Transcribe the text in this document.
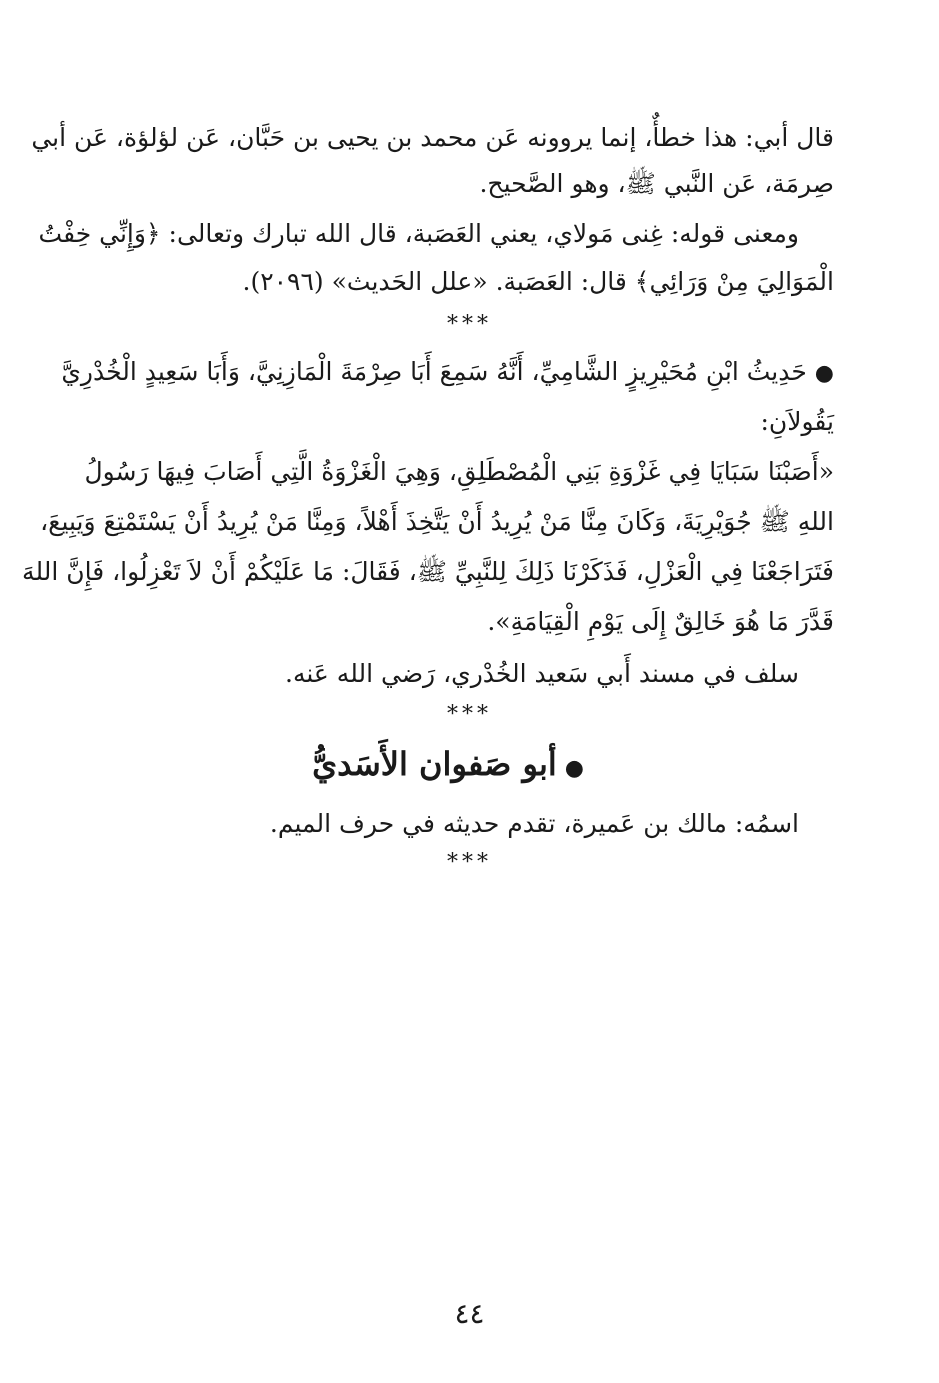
قال أبي: هذا خطأٌ، إنما يروونه عَن محمد بن يحيى بن حَبَّان، عَن لؤلؤة، عَن أبي
صِرمَة، عَن النَّبي ﷺ، وهو الصَّحيح.
ومعنى قوله: غِنى مَولاي، يعني العَصَبة، قال الله تبارك وتعالى: ﴿وَإِنِّي خِفْتُ
الْمَوَالِيَ مِنْ وَرَائِي﴾ قال: العَصَبة. «علل الحَديث» (٢٠٩٦).
***
●حَدِيثُ ابْنِ مُحَيْرِيزٍ الشَّامِيِّ، أَنَّهُ سَمِعَ أَبَا صِرْمَةَ الْمَازِنِيَّ، وَأَبَا سَعِيدٍ الْخُدْرِيَّ
يَقُولاَنِ:
«أَصَبْنَا سَبَايَا فِي غَزْوَةِ بَنِي الْمُصْطَلِقِ، وَهِيَ الْغَزْوَةُ الَّتِي أَصَابَ فِيهَا رَسُولُ
اللهِ ﷺ جُوَيْرِيَةَ، وَكَانَ مِنَّا مَنْ يُرِيدُ أَنْ يَتَّخِذَ أَهْلاً، وَمِنَّا مَنْ يُرِيدُ أَنْ يَسْتَمْتِعَ وَيَبِيعَ،
فَتَرَاجَعْنَا فِي الْعَزْلِ، فَذَكَرْنَا ذَلِكَ لِلنَّبِيِّ ﷺ، فَقَالَ: مَا عَلَيْكُمْ أَنْ لاَ تَعْزِلُوا، فَإِنَّ اللهَ
قَدَّرَ مَا هُوَ خَالِقٌ إِلَى يَوْمِ الْقِيَامَةِ».
سلف في مسند أَبي سَعيد الخُدْري، رَضي الله عَنه.
***
●أبو صَفوان الأَسَديُّ
اسمُه: مالك بن عَميرة، تقدم حديثه في حرف الميم.
***
٤٤
